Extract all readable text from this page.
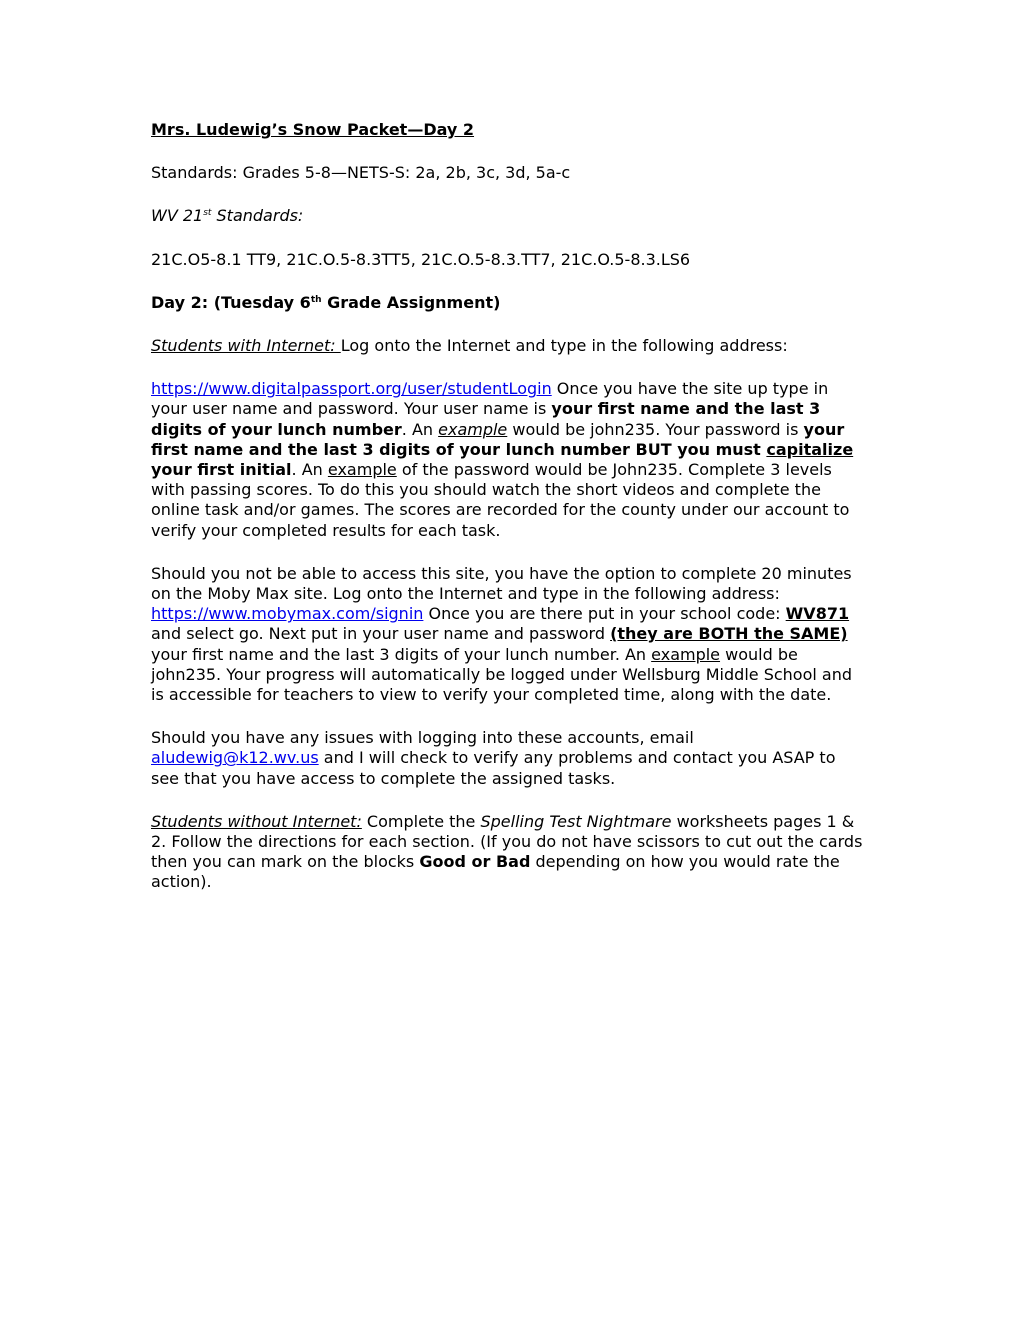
Mrs. Ludewig’s Snow Packet—Day 2

Standards: Grades 5-8—NETS-S: 2a, 2b, 3c, 3d, 5a-c

WV 21st Standards:

21C.O5-8.1 TT9, 21C.O.5-8.3TT5, 21C.O.5-8.3.TT7, 21C.O.5-8.3.LS6

Day 2: (Tuesday 6th Grade Assignment)

Students with Internet: Log onto the Internet and type in the following address:

https://www.digitalpassport.org/user/studentLogin Once you have the site up type in your user name and password. Your user name is your first name and the last 3 digits of your lunch number. An example would be john235. Your password is your first name and the last 3 digits of your lunch number BUT you must capitalize your first initial. An example of the password would be John235. Complete 3 levels with passing scores. To do this you should watch the short videos and complete the online task and/or games. The scores are recorded for the county under our account to verify your completed results for each task.

Should you not be able to access this site, you have the option to complete 20 minutes on the Moby Max site. Log onto the Internet and type in the following address: https://www.mobymax.com/signin Once you are there put in your school code: WV871 and select go. Next put in your user name and password (they are BOTH the SAME) your first name and the last 3 digits of your lunch number. An example would be john235. Your progress will automatically be logged under Wellsburg Middle School and is accessible for teachers to view to verify your completed time, along with the date.

Should you have any issues with logging into these accounts, email aludewig@k12.wv.us and I will check to verify any problems and contact you ASAP to see that you have access to complete the assigned tasks.

Students without Internet: Complete the Spelling Test Nightmare worksheets pages 1 & 2. Follow the directions for each section. (If you do not have scissors to cut out the cards then you can mark on the blocks Good or Bad depending on how you would rate the action).
